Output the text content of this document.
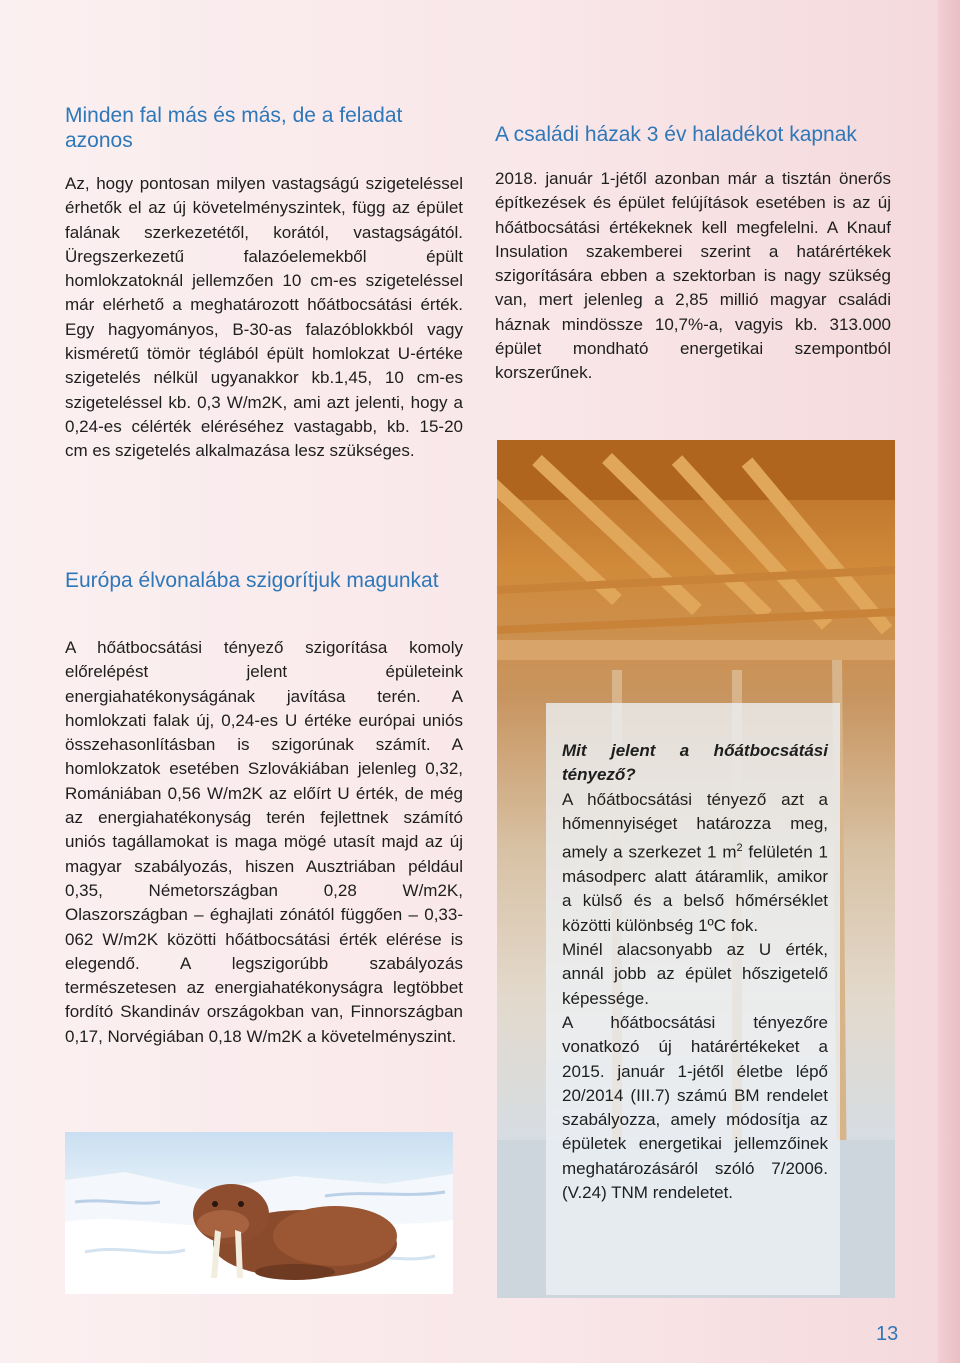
Minden fal más és más, de a feladat azonos

Az, hogy pontosan milyen vastagságú szigeteléssel érhetők el az új követelményszintek, függ az épület falának szerkezetétől, korától, vastagságától. Üregszerkezetű falazóelemekből épült homlokzatoknál jellemzően 10 cm-es szigeteléssel már elérhető a meghatározott hőátbocsátási érték. Egy hagyományos, B-30-as falazóblokkból vagy kisméretű tömör téglából épült homlokzat U-értéke szigetelés nélkül ugyanakkor kb.1,45, 10 cm-es szigeteléssel kb. 0,3 W/m2K, ami azt jelenti, hogy a 0,24-es célérték eléréséhez vastagabb, kb. 15-20 cm es szigetelés alkalmazása lesz szükséges.

Európa élvonalába szigorítjuk magunkat

A hőátbocsátási tényező szigorítása komoly előrelépést jelent épületeink energiahatékonyságának javítása terén. A homlokzati falak új, 0,24-es U értéke európai uniós összehasonlításban is szigorúnak számít. A homlokzatok esetében Szlovákiában jelenleg 0,32, Romániában 0,56 W/m2K az előírt U érték, de még az energiahatékonyság terén fejlettnek számító uniós tagállamokat is maga mögé utasít majd az új magyar szabályozás, hiszen Ausztriában például 0,35, Németországban 0,28 W/m2K, Olaszországban – éghajlati zónától függően – 0,33-062 W/m2K közötti hőátbocsátási érték elérése is elegendő. A legszigorúbb szabályozás természetesen az energiahatékonyságra legtöbbet fordító Skandináv országokban van, Finnországban 0,17, Norvégiában 0,18 W/m2K a követelményszint.

A családi házak 3 év haladékot kapnak

2018. január 1-jétől azonban már a tisztán önerős építkezések és épület felújítások esetében is az új hőátbocsátási értékeknek kell megfelelni. A Knauf Insulation szakemberei szerint a határértékek szigorítására ebben a szektorban is nagy szükség van, mert jelenleg a 2,85 millió magyar családi háznak mindössze 10,7%-a, vagyis kb. 313.000 épület mondható energetikai szempontból korszerűnek.

Mit jelent a hőátbocsátási tényező?

A hőátbocsátási tényező azt a hőmennyiséget határozza meg, amely a szerkezet 1 $m^2$ felületén 1 másodperc alatt átáramlik, amikor a külső és a belső hőmérséklet közötti különbség 1ºC fok.

Minél alacsonyabb az U érték, annál jobb az épület hőszigetelő képessége.

A hőátbocsátási tényezőre vonatkozó új határértékeket a 2015. január 1-jétől életbe lépő 20/2014 (III.7) számú BM rendelet szabályozza, amely módosítja az épületek energetikai jellemzőinek meghatározásáról szóló 7/2006. (V.24) TNM rendeletet.

13
